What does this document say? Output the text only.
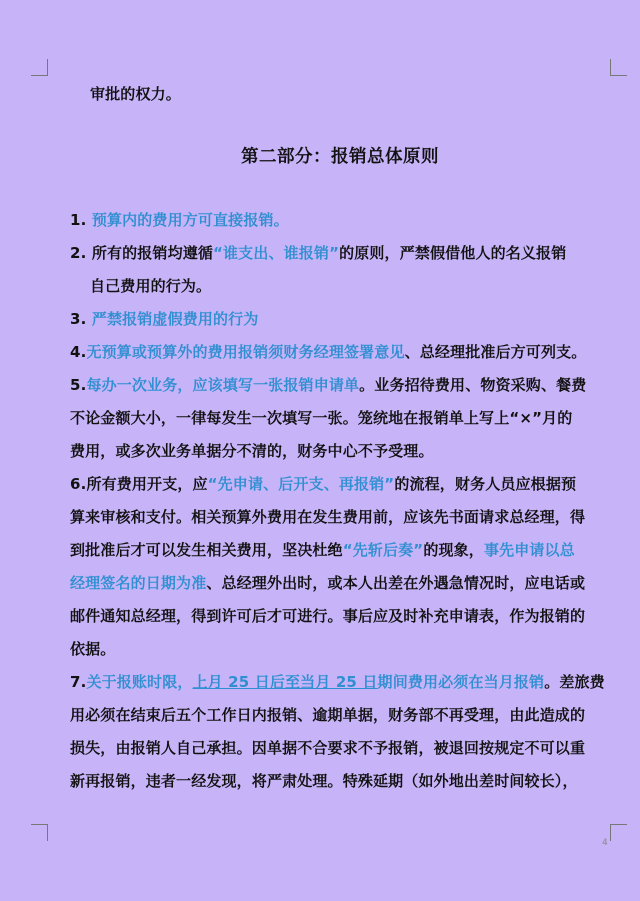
审批的权力。
第二部分：报销总体原则
1. 预算内的费用方可直接报销。
2. 所有的报销均遵循“谁支出、谁报销”的原则，严禁假借他人的名义报销
自己费用的行为。
3. 严禁报销虚假费用的行为
4.无预算或预算外的费用报销须财务经理签署意见、总经理批准后方可列支。
5.每办一次业务，应该填写一张报销申请单。业务招待费用、物资采购、餐费
不论金额大小，一律每发生一次填写一张。笼统地在报销单上写上“×”月的
费用，或多次业务单据分不清的，财务中心不予受理。
6.所有费用开支，应“先申请、后开支、再报销”的流程，财务人员应根据预
算来审核和支付。相关预算外费用在发生费用前，应该先书面请求总经理，得
到批准后才可以发生相关费用，坚决杜绝“先斩后奏”的现象，事先申请以总
经理签名的日期为准、总经理外出时，或本人出差在外遇急情况时，应电话或
邮件通知总经理，得到许可后才可进行。事后应及时补充申请表，作为报销的
依据。
7.关于报账时限，上月 25 日后至当月 25 日期间费用必须在当月报销。差旅费
用必须在结束后五个工作日内报销、逾期单据，财务部不再受理，由此造成的
损失，由报销人自己承担。因单据不合要求不予报销，被退回按规定不可以重
新再报销，违者一经发现，将严肃处理。特殊延期（如外地出差时间较长），
4
